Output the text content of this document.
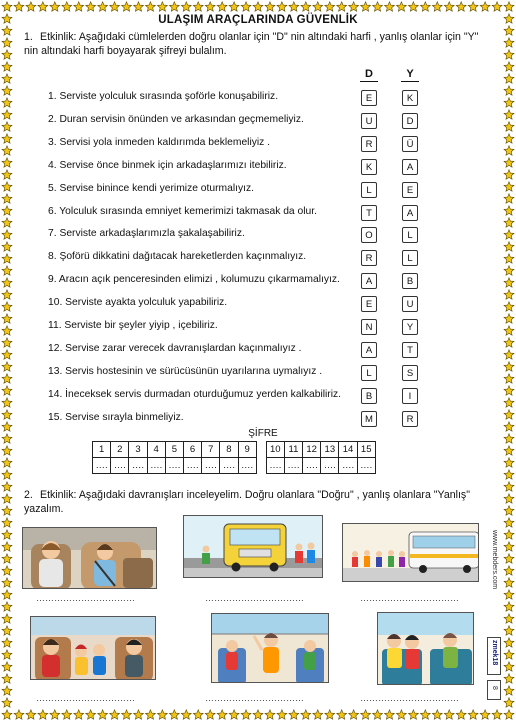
ULAŞIM ARAÇLARINDA GÜVENLİK
1. Etkinlik: Aşağıdaki cümlelerden doğru olanlar için "D" nin altındaki harfi , yanlış olanlar için "Y" nin altındaki harfi boyayarak şifreyi bulalım.
D	Y
1. Serviste yolculuk sırasında şoförle konuşabiliriz.	E	K
2. Duran servisin önünden ve arkasından geçmemeliyiz.	U	D
3. Servisi yola inmeden kaldırımda beklemeliyiz .	R	Ü
4. Servise önce binmek için arkadaşlarımızı itebiliriz.	K	A
5. Servise binince kendi yerimize oturmalıyız.	L	E
6. Yolculuk sırasında emniyet kemerimizi takmasak da olur.	T	A
7. Serviste arkadaşlarımızla şakalaşabiliriz.	O	L
8. Şoförü dikkatini dağıtacak hareketlerden kaçınmalıyız.	R	L
9. Aracın açık penceresinden elimizi , kolumuzu çıkarmamalıyız.	A	B
10. Serviste ayakta yolculuk yapabiliriz.	E	U
11. Serviste bir şeyler yiyip , içebiliriz.	N	Y
12. Servise zarar verecek davranışlardan kaçınmalıyız .	A	T
13. Servis hostesinin ve sürücüsünün uyarılarına uymalıyız .	L	S
14. İneceksek servis durmadan oturduğumuz yerden kalkabiliriz.	B	I
15. Servise sırayla binmeliyiz.	M	R
ŞİFRE
1	2	3	4	5	6	7	8	9		10	11	12	13	14	15
….	….	….	….	….	….	….	….	….		….	….	….	….	….	….
2. Etkinlik: Aşağıdaki davranışları inceleyelim. Doğru olanlara "Doğru" , yanlış olanlara "Yanlış" yazalım.
……………………………	……………………………	……………………………
……………………………	……………………………	……………………………
www.mebders.com
zmek18
8
